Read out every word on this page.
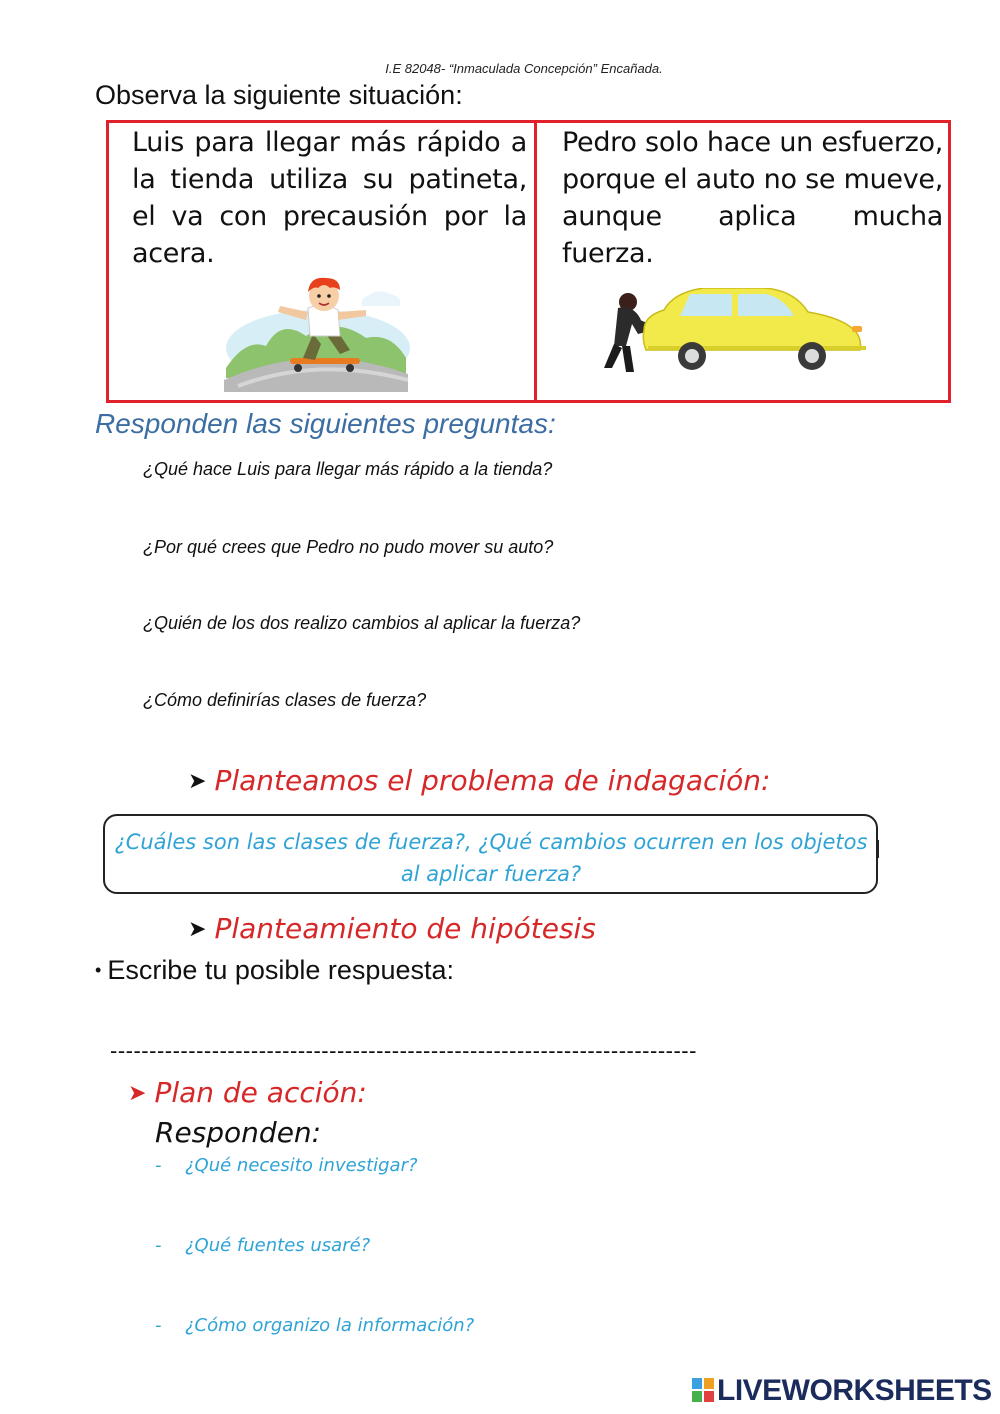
I.E 82048- “Inmaculada Concepción” Encañada.
Observa la siguiente situación:
Luis para llegar más rápido a la tienda utiliza su patineta, el va con precausión por la acera.
Pedro solo hace un esfuerzo, porque el auto no se mueve, aunque aplica mucha fuerza.
Responden las siguientes preguntas:
¿Qué hace Luis para llegar más rápido a la tienda?
¿Por qué crees que Pedro no pudo mover su auto?
¿Quién de los dos realizo cambios al aplicar la fuerza?
¿Cómo definirías clases de fuerza?
➤ Planteamos el problema de indagación:
¿Cuáles son las clases de fuerza?, ¿Qué cambios ocurren en los objetos al aplicar fuerza?
➤ Planteamiento de hipótesis
• Escribe tu posible respuesta:
---------------------------------------------------------------------------
➤ Plan de acción:
Responden:
- ¿Qué necesito investigar?
- ¿Qué fuentes usaré?
- ¿Cómo organizo la información?
LIVEWORKSHEETS
